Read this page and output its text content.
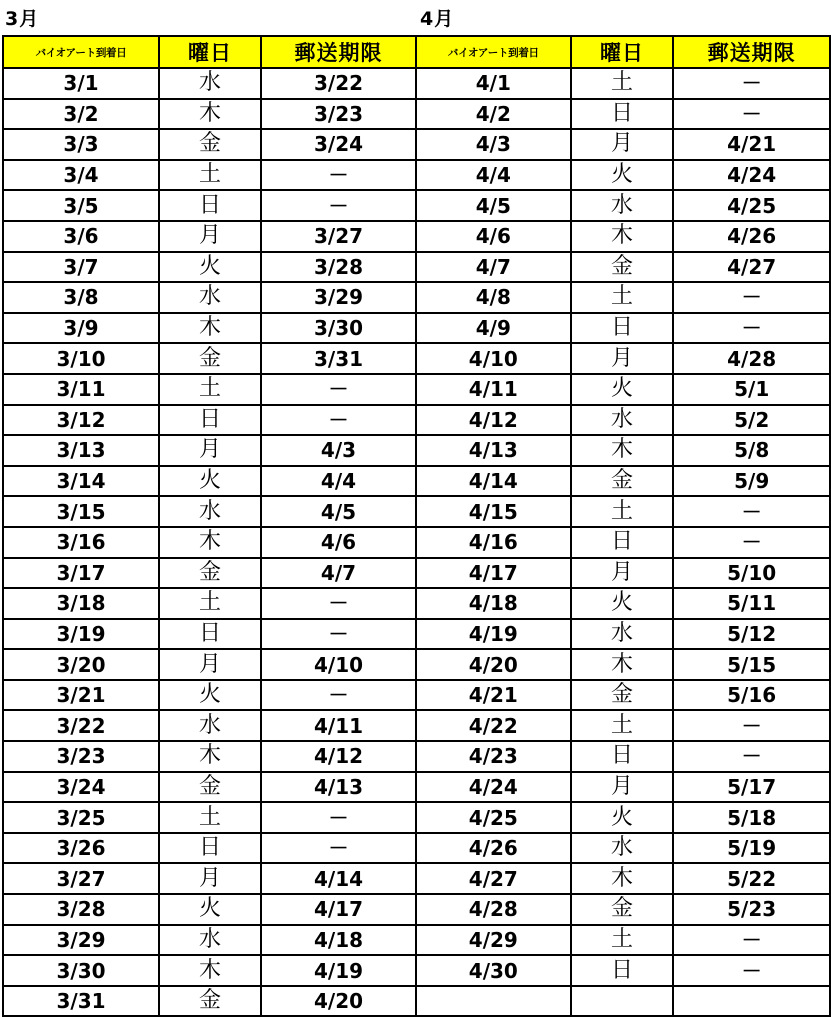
3月	4月
バイオアート到着日	曜日	郵送期限
3/1	水	3/22
3/2	木	3/23
3/3	金	3/24
3/4	土	－
3/5	日	－
3/6	月	3/27
3/7	火	3/28
3/8	水	3/29
3/9	木	3/30
3/10	金	3/31
3/11	土	－
3/12	日	－
3/13	月	4/3
3/14	火	4/4
3/15	水	4/5
3/16	木	4/6
3/17	金	4/7
3/18	土	－
3/19	日	－
3/20	月	4/10
3/21	火	－
3/22	水	4/11
3/23	木	4/12
3/24	金	4/13
3/25	土	－
3/26	日	－
3/27	月	4/14
3/28	火	4/17
3/29	水	4/18
3/30	木	4/19
3/31	金	4/20
バイオアート到着日	曜日	郵送期限
4/1	土	－
4/2	日	－
4/3	月	4/21
4/4	火	4/24
4/5	水	4/25
4/6	木	4/26
4/7	金	4/27
4/8	土	－
4/9	日	－
4/10	月	4/28
4/11	火	5/1
4/12	水	5/2
4/13	木	5/8
4/14	金	5/9
4/15	土	－
4/16	日	－
4/17	月	5/10
4/18	火	5/11
4/19	水	5/12
4/20	木	5/15
4/21	金	5/16
4/22	土	－
4/23	日	－
4/24	月	5/17
4/25	火	5/18
4/26	水	5/19
4/27	木	5/22
4/28	金	5/23
4/29	土	－
4/30	日	－
